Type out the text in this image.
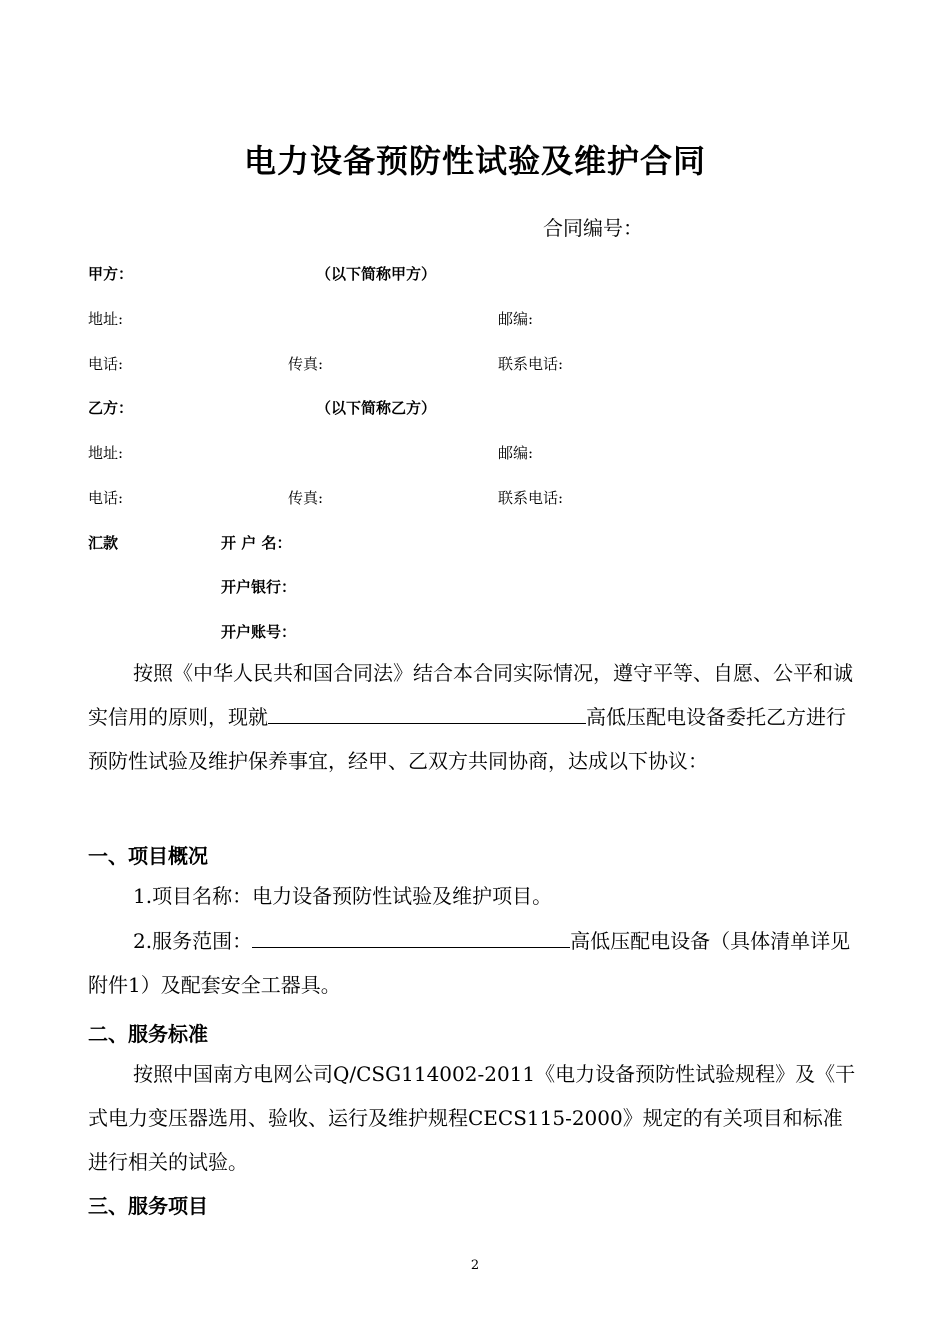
电力设备预防性试验及维护合同
合同编号：
甲方：	（以下简称甲方）
地址:	邮编:
电话:	传真:	联系电话:
乙方：	（以下简称乙方）
地址:	邮编:
电话:	传真:	联系电话:
汇款	开 户 名：
开户银行：
开户账号：
按照《中华人民共和国合同法》结合本合同实际情况，遵守平等、自愿、公平和诚实信用的原则，现就	高低压配电设备委托乙方进行预防性试验及维护保养事宜，经甲、乙双方共同协商，达成以下协议：
一、项目概况
1.项目名称：电力设备预防性试验及维护项目。
2.服务范围：	高低压配电设备（具体清单详见附件1）及配套安全工器具。
二、服务标准
按照中国南方电网公司Q/CSG114002-2011《电力设备预防性试验规程》及《干式电力变压器选用、验收、运行及维护规程CECS115-2000》规定的有关项目和标准进行相关的试验。
三、服务项目
2
